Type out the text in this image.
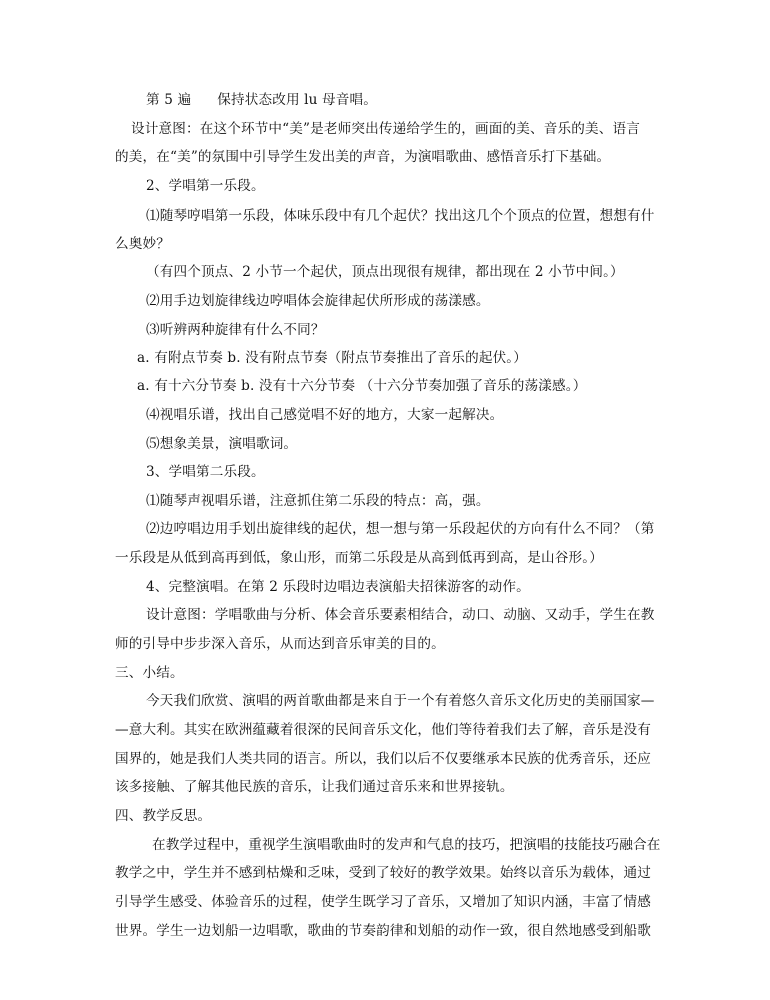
第 5 遍 保持状态改用 lu 母音唱。
设计意图：在这个环节中“美”是老师突出传递给学生的，画面的美、音乐的美、语言
的美，在“美”的氛围中引导学生发出美的声音，为演唱歌曲、感悟音乐打下基础。
2、学唱第一乐段。
⑴随琴哼唱第一乐段，体味乐段中有几个起伏？找出这几个个顶点的位置，想想有什
么奥妙？
（有四个顶点、2 小节一个起伏，顶点出现很有规律，都出现在 2 小节中间。）
⑵用手边划旋律线边哼唱体会旋律起伏所形成的荡漾感。
⑶听辨两种旋律有什么不同？
a. 有附点节奏 b. 没有附点节奏（附点节奏推出了音乐的起伏。）
a. 有十六分节奏 b. 没有十六分节奏 （十六分节奏加强了音乐的荡漾感。）
⑷视唱乐谱，找出自己感觉唱不好的地方，大家一起解决。
⑸想象美景，演唱歌词。
3、学唱第二乐段。
⑴随琴声视唱乐谱，注意抓住第二乐段的特点：高，强。
⑵边哼唱边用手划出旋律线的起伏，想一想与第一乐段起伏的方向有什么不同？（第
一乐段是从低到高再到低，象山形，而第二乐段是从高到低再到高，是山谷形。）
4、完整演唱。在第 2 乐段时边唱边表演船夫招徕游客的动作。
设计意图：学唱歌曲与分析、体会音乐要素相结合，动口、动脑、又动手，学生在教
师的引导中步步深入音乐，从而达到音乐审美的目的。
三、小结。
今天我们欣赏、演唱的两首歌曲都是来自于一个有着悠久音乐文化历史的美丽国家—
—意大利。其实在欧洲蕴藏着很深的民间音乐文化，他们等待着我们去了解，音乐是没有
国界的，她是我们人类共同的语言。所以，我们以后不仅要继承本民族的优秀音乐，还应
该多接触、了解其他民族的音乐，让我们通过音乐来和世界接轨。
四、教学反思。
在教学过程中，重视学生演唱歌曲时的发声和气息的技巧，把演唱的技能技巧融合在
教学之中，学生并不感到枯燥和乏味，受到了较好的教学效果。始终以音乐为载体，通过
引导学生感受、体验音乐的过程，使学生既学习了音乐，又增加了知识内涵，丰富了情感
世界。学生一边划船一边唱歌，歌曲的节奏韵律和划船的动作一致，很自然地感受到船歌
